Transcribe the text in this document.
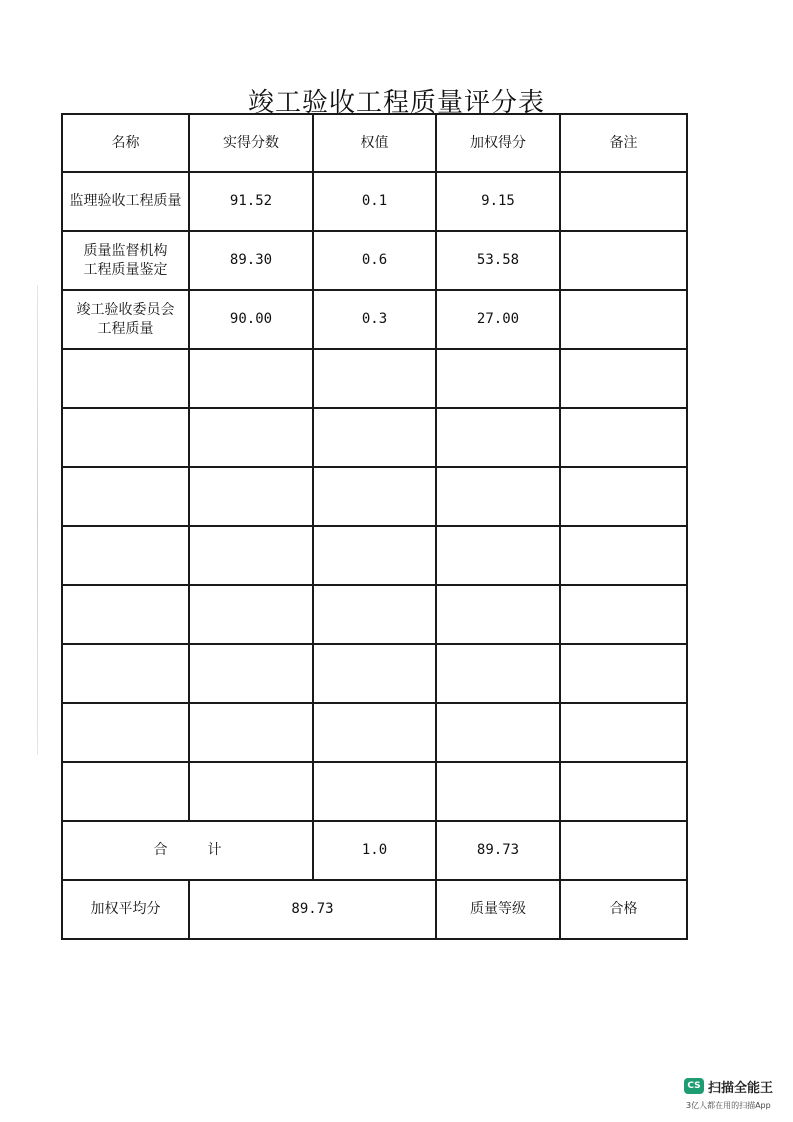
竣工验收工程质量评分表
名称	实得分数	权值	加权得分	备注
监理验收工程质量	91.52	0.1	9.15	
质量监督机构
工程质量鉴定	89.30	0.6	53.58	
竣工验收委员会
工程质量	90.00	0.3	27.00	

合 计		1.0	89.73	
加权平均分	89.73		质量等级	合格
CS 扫描全能王
3亿人都在用的扫描App
